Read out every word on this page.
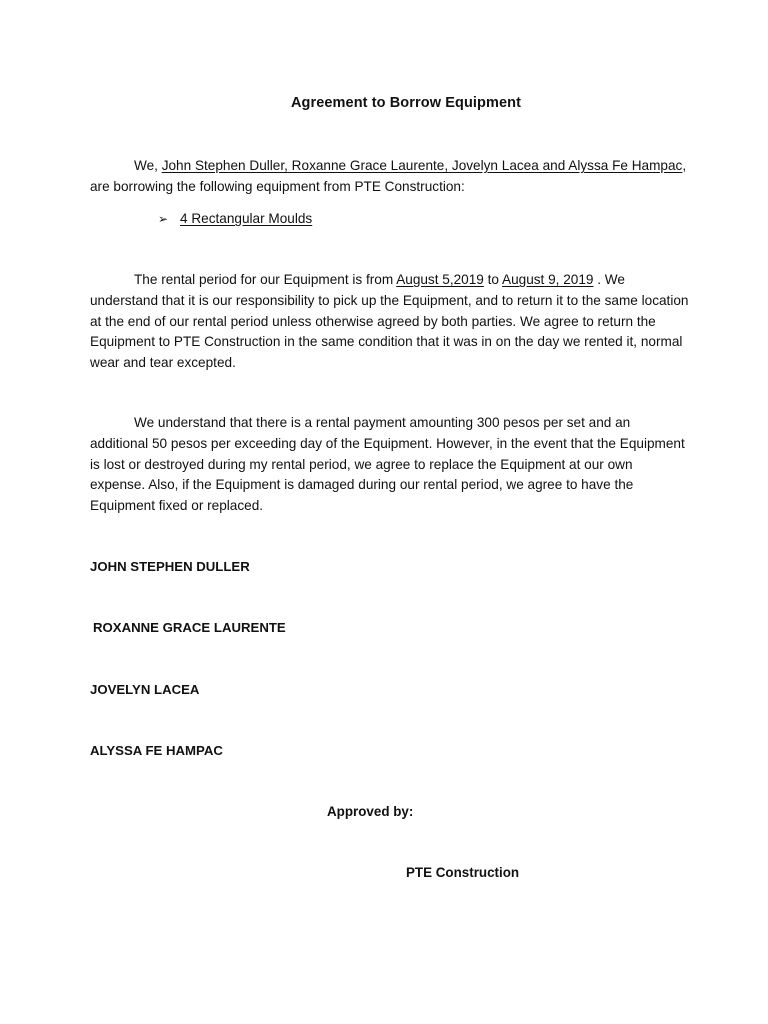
Agreement to Borrow Equipment
We, John Stephen Duller, Roxanne Grace Laurente, Jovelyn Lacea and Alyssa Fe Hampac, are borrowing the following equipment from PTE Construction:
➢ 4 Rectangular Moulds
The rental period for our Equipment is from August 5,2019 to August 9, 2019 . We understand that it is our responsibility to pick up the Equipment, and to return it to the same location at the end of our rental period unless otherwise agreed by both parties. We agree to return the Equipment to PTE Construction in the same condition that it was in on the day we rented it, normal wear and tear excepted.
We understand that there is a rental payment amounting 300 pesos per set and an additional 50 pesos per exceeding day of the Equipment. However, in the event that the Equipment is lost or destroyed during my rental period, we agree to replace the Equipment at our own expense. Also, if the Equipment is damaged during our rental period, we agree to have the Equipment fixed or replaced.
JOHN STEPHEN DULLER
ROXANNE GRACE LAURENTE
JOVELYN LACEA
ALYSSA FE HAMPAC
Approved by:
PTE Construction
